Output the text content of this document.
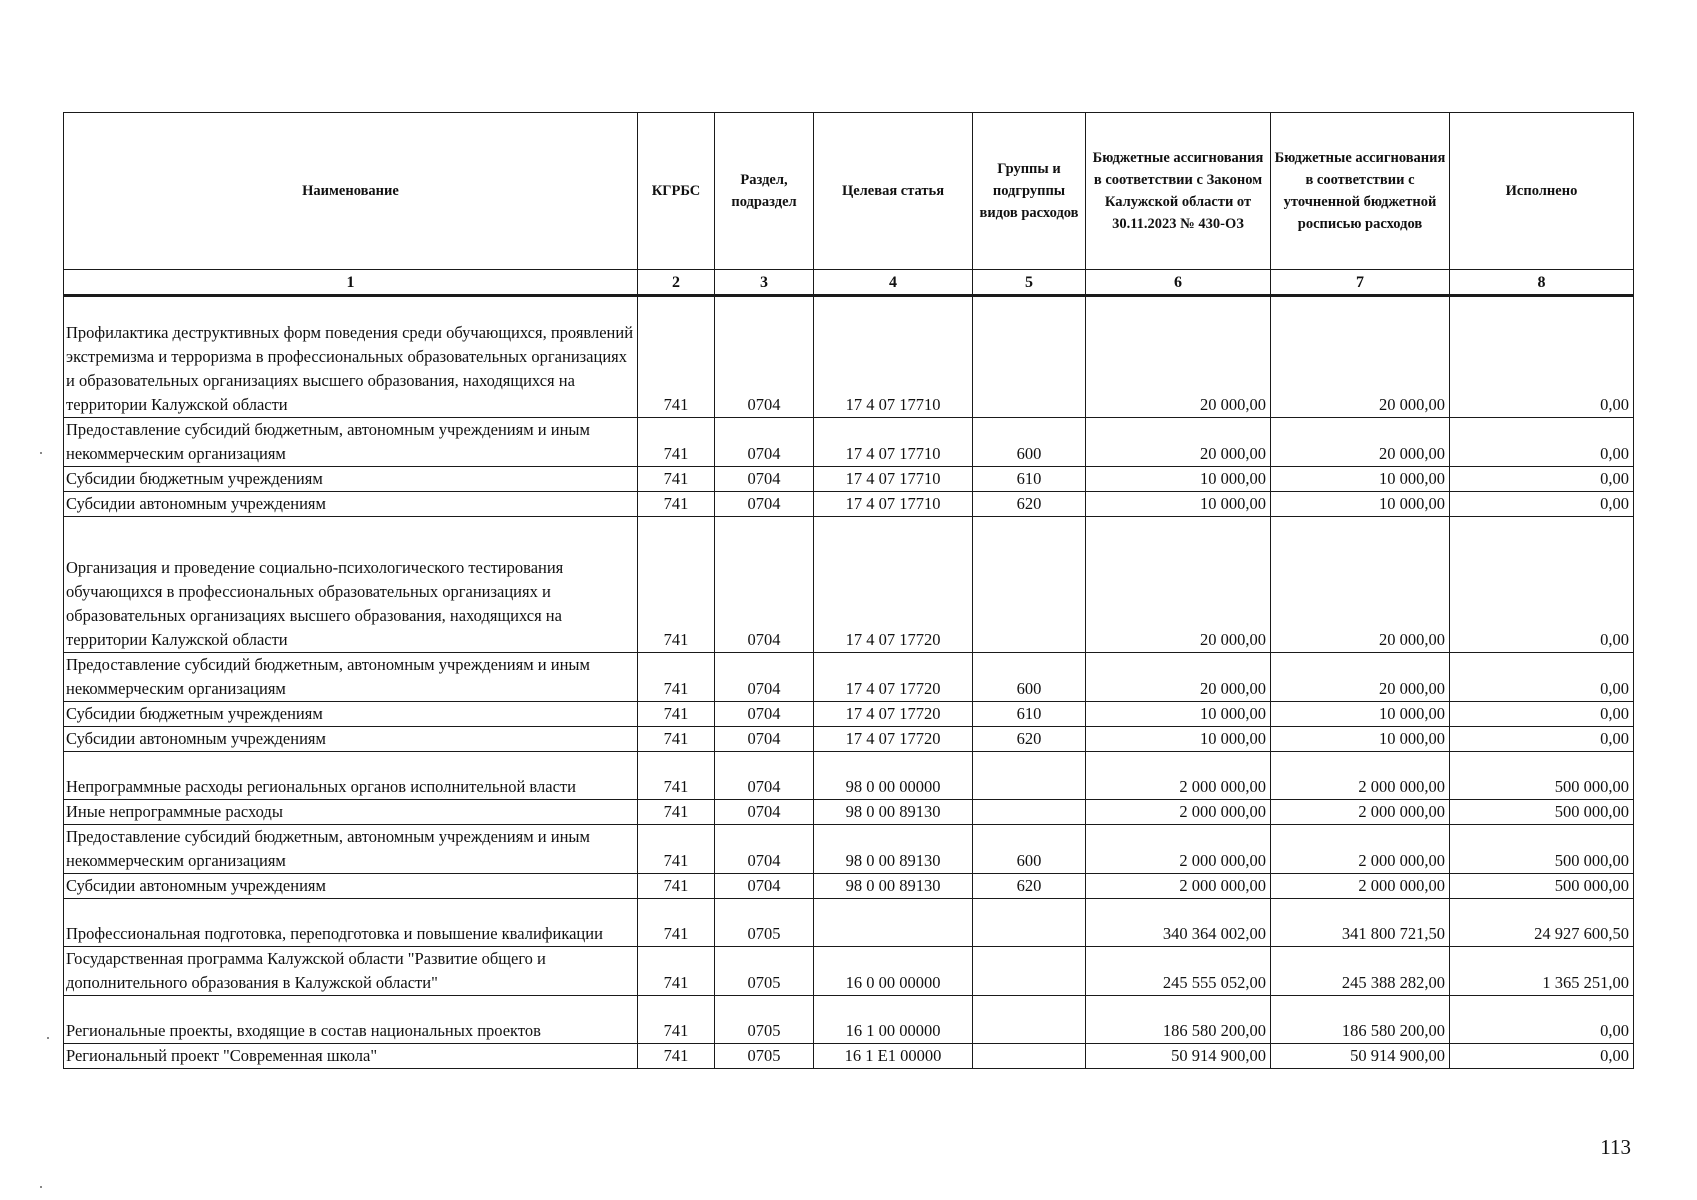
Наименование	КГРБС	Раздел, подраздел	Целевая статья	Группы и подгруппы видов расходов	Бюджетные ассигнования в соответствии с Законом Калужской области от 30.11.2023 № 430-ОЗ	Бюджетные ассигнования в соответствии с уточненной бюджетной росписью расходов	Исполнено
1	2	3	4	5	6	7	8
Профилактика деструктивных форм поведения среди обучающихся, проявлений экстремизма и терроризма в профессиональных образовательных организациях и образовательных организациях высшего образования, находящихся на территории Калужской области	741	0704	17 4 07 17710		20 000,00	20 000,00	0,00
Предоставление субсидий бюджетным, автономным учреждениям и иным некоммерческим организациям	741	0704	17 4 07 17710	600	20 000,00	20 000,00	0,00
Субсидии бюджетным учреждениям	741	0704	17 4 07 17710	610	10 000,00	10 000,00	0,00
Субсидии автономным учреждениям	741	0704	17 4 07 17710	620	10 000,00	10 000,00	0,00
Организация и проведение социально-психологического тестирования обучающихся в профессиональных образовательных организациях и образовательных организациях высшего образования, находящихся на территории Калужской области	741	0704	17 4 07 17720		20 000,00	20 000,00	0,00
Предоставление субсидий бюджетным, автономным учреждениям и иным некоммерческим организациям	741	0704	17 4 07 17720	600	20 000,00	20 000,00	0,00
Субсидии бюджетным учреждениям	741	0704	17 4 07 17720	610	10 000,00	10 000,00	0,00
Субсидии автономным учреждениям	741	0704	17 4 07 17720	620	10 000,00	10 000,00	0,00
Непрограммные расходы региональных органов исполнительной власти	741	0704	98 0 00 00000		2 000 000,00	2 000 000,00	500 000,00
Иные непрограммные расходы	741	0704	98 0 00 89130		2 000 000,00	2 000 000,00	500 000,00
Предоставление субсидий бюджетным, автономным учреждениям и иным некоммерческим организациям	741	0704	98 0 00 89130	600	2 000 000,00	2 000 000,00	500 000,00
Субсидии автономным учреждениям	741	0704	98 0 00 89130	620	2 000 000,00	2 000 000,00	500 000,00
Профессиональная подготовка, переподготовка и повышение квалификации	741	0705			340 364 002,00	341 800 721,50	24 927 600,50
Государственная программа Калужской области "Развитие общего и дополнительного образования в Калужской области"	741	0705	16 0 00 00000		245 555 052,00	245 388 282,00	1 365 251,00
Региональные проекты, входящие в состав национальных проектов	741	0705	16 1 00 00000		186 580 200,00	186 580 200,00	0,00
Региональный проект "Современная школа"	741	0705	16 1 E1 00000		50 914 900,00	50 914 900,00	0,00
113
